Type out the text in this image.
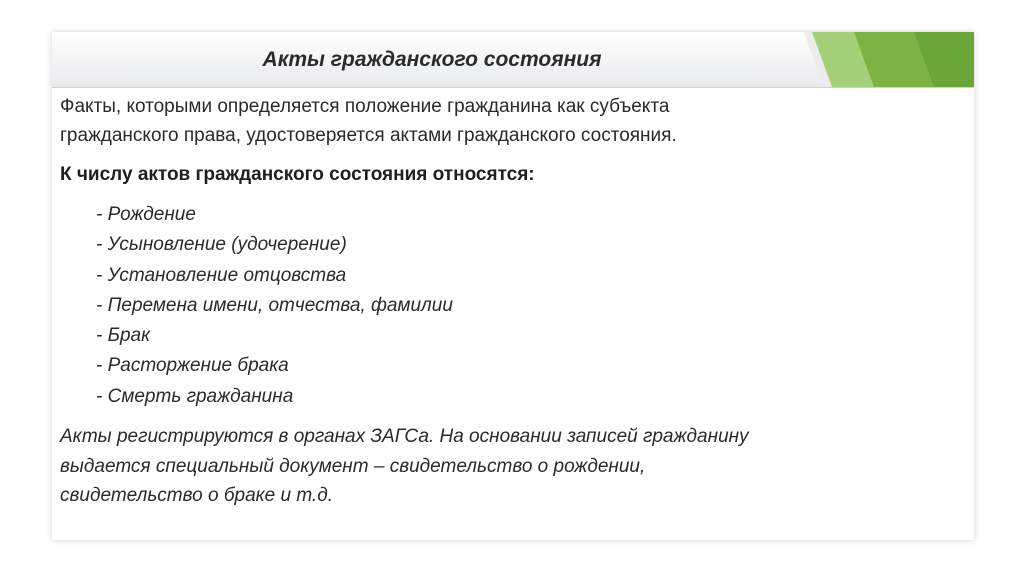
Акты гражданского состояния

Факты, которыми определяется положение гражданина как субъекта
гражданского права, удостоверяется актами гражданского состояния.

К числу актов гражданского состояния относятся:

- Рождение
- Усыновление (удочерение)
- Установление отцовства
- Перемена имени, отчества, фамилии
- Брак
- Расторжение брака
- Смерть гражданина

Акты регистрируются в органах ЗАГСа. На основании записей гражданину
выдается специальный документ – свидетельство о рождении,
свидетельство о браке и т.д.
